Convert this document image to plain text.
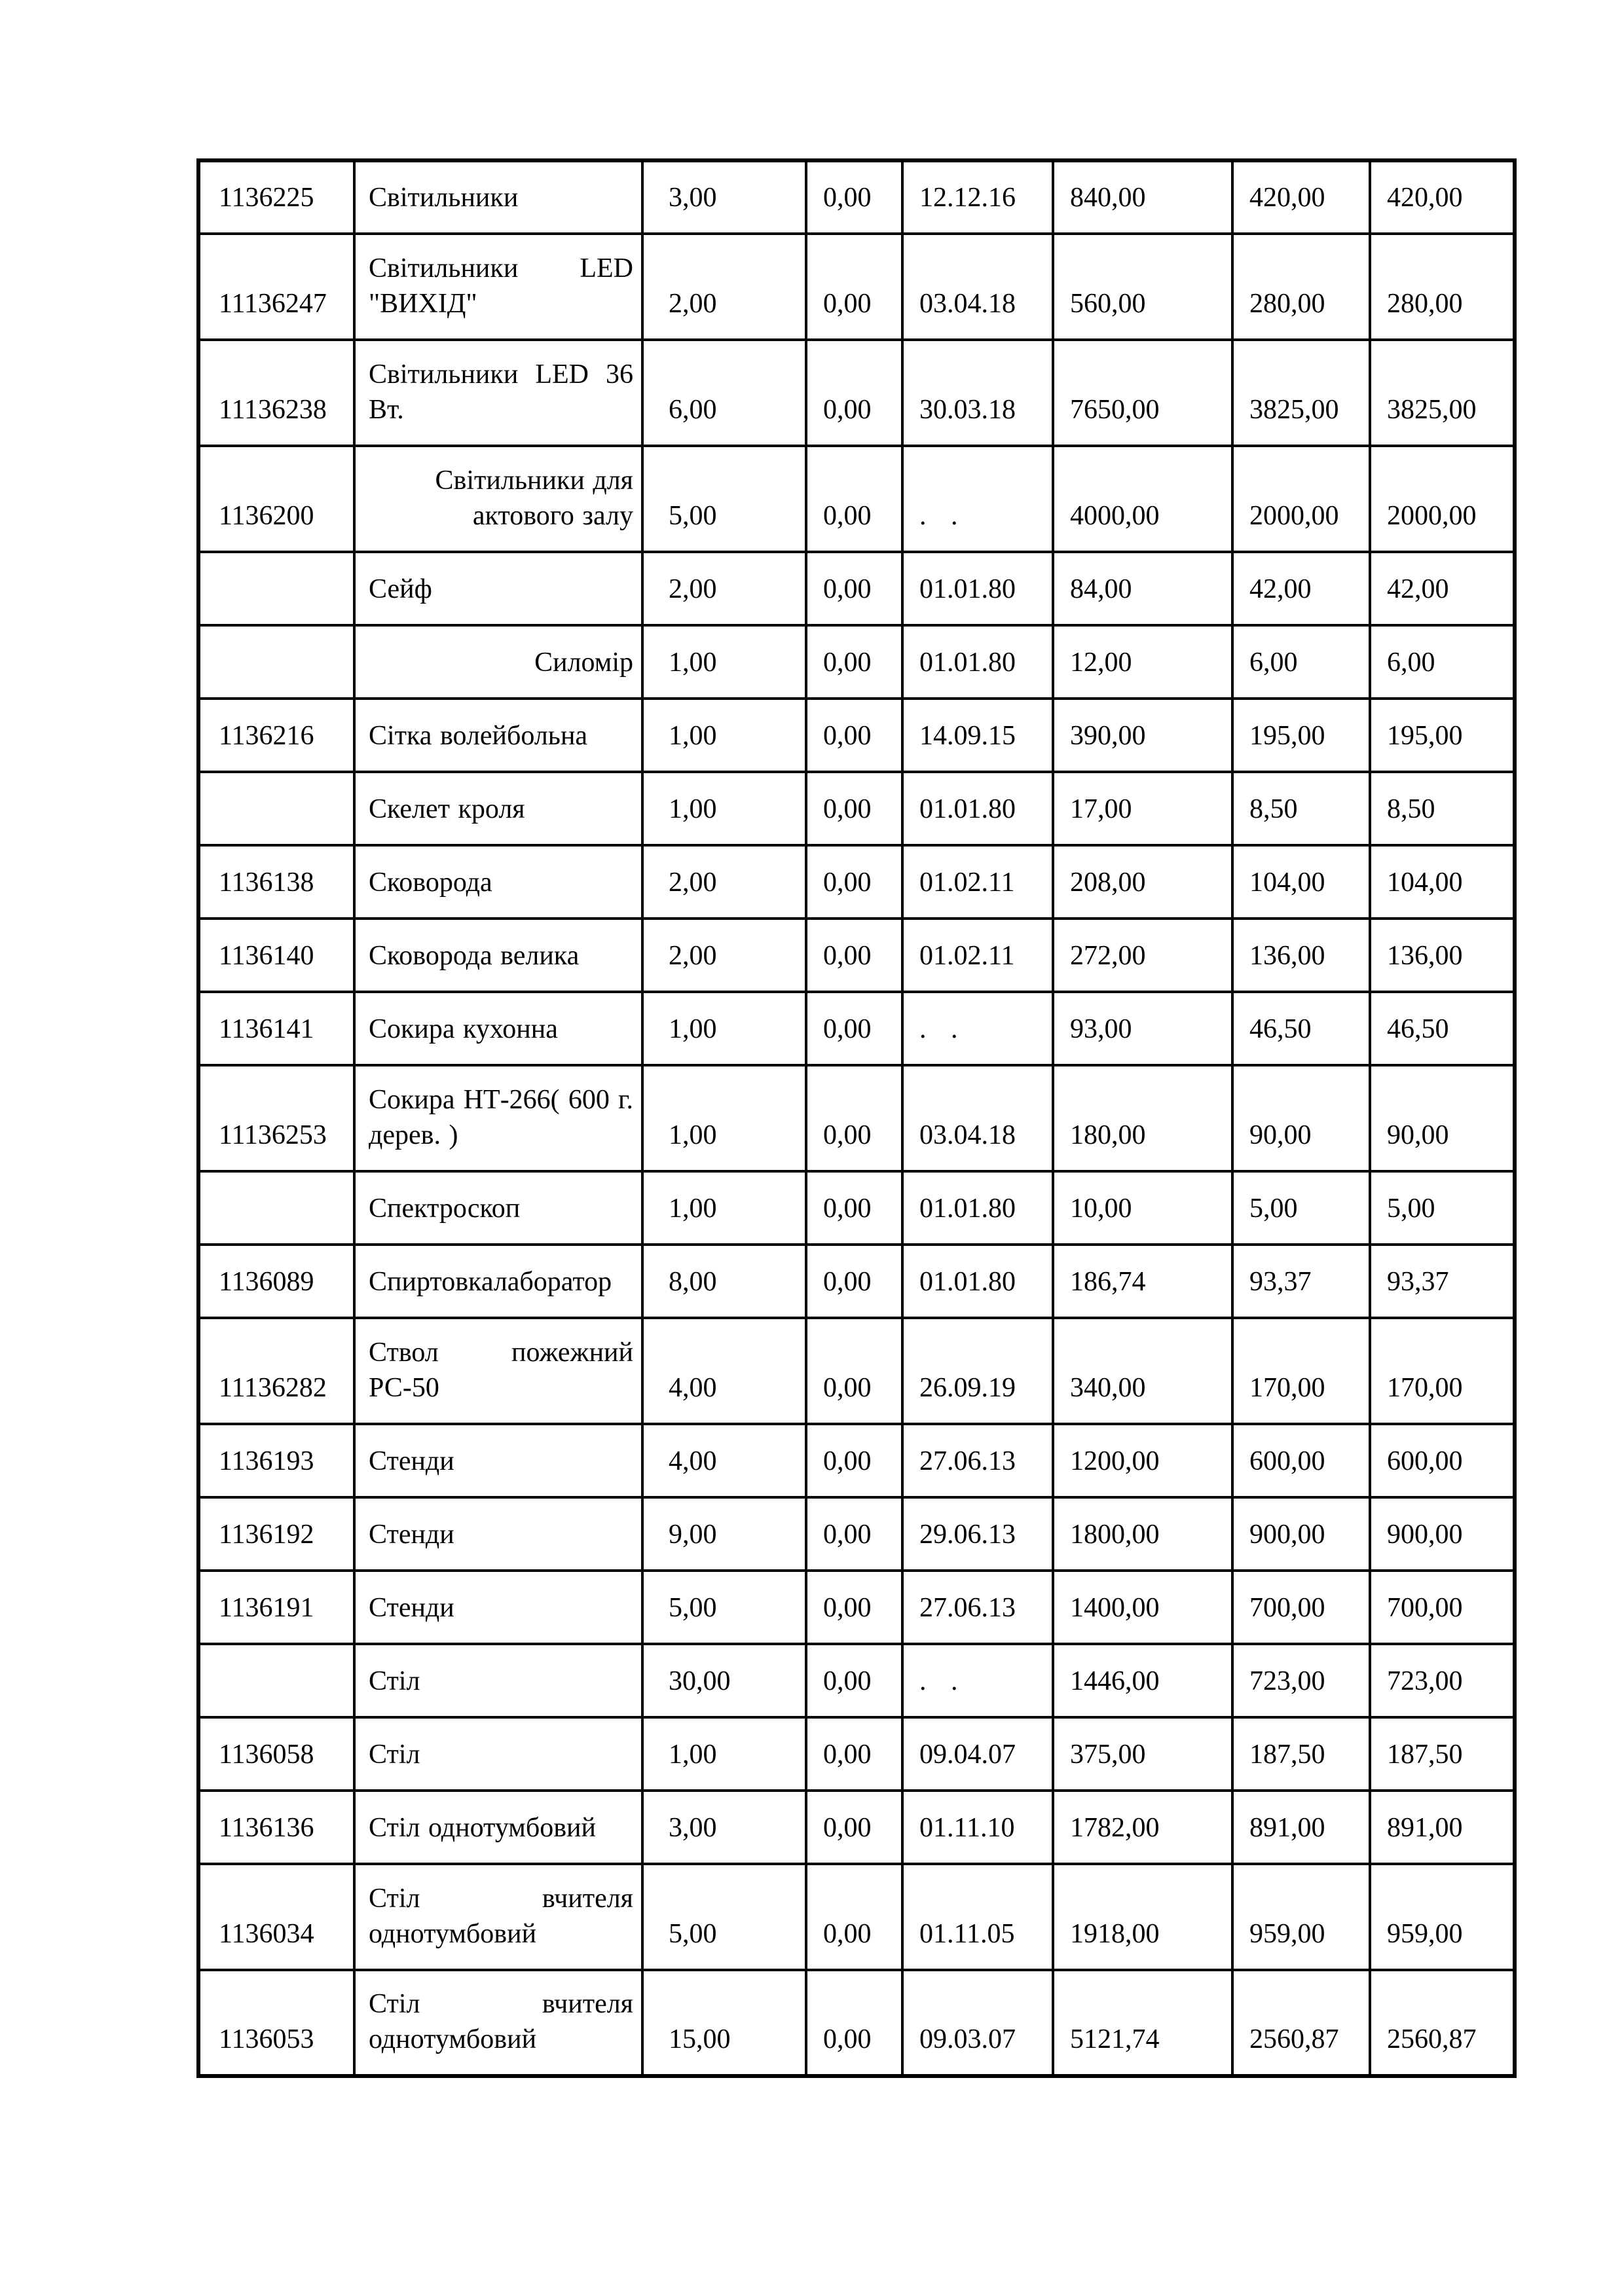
1136225	Світильники	3,00	0,00	12.12.16	840,00	420,00	420,00
11136247	Світильники LED "ВИХІД"	2,00	0,00	03.04.18	560,00	280,00	280,00
11136238	Світильники LED 36 Вт.	6,00	0,00	30.03.18	7650,00	3825,00	3825,00
1136200	Світильники для актового залу	5,00	0,00	.   .	4000,00	2000,00	2000,00
	Сейф	2,00	0,00	01.01.80	84,00	42,00	42,00
	Силомір	1,00	0,00	01.01.80	12,00	6,00	6,00
1136216	Сітка волейбольна	1,00	0,00	14.09.15	390,00	195,00	195,00
	Скелет кроля	1,00	0,00	01.01.80	17,00	8,50	8,50
1136138	Сковорода	2,00	0,00	01.02.11	208,00	104,00	104,00
1136140	Сковорода велика	2,00	0,00	01.02.11	272,00	136,00	136,00
1136141	Сокира кухонна	1,00	0,00	.   .	93,00	46,50	46,50
11136253	Сокира НТ-266( 600 г. дерев. )	1,00	0,00	03.04.18	180,00	90,00	90,00
	Спектроскоп	1,00	0,00	01.01.80	10,00	5,00	5,00
1136089	Спиртовкалаборатор	8,00	0,00	01.01.80	186,74	93,37	93,37
11136282	Ствол пожежний РС-50	4,00	0,00	26.09.19	340,00	170,00	170,00
1136193	Стенди	4,00	0,00	27.06.13	1200,00	600,00	600,00
1136192	Стенди	9,00	0,00	29.06.13	1800,00	900,00	900,00
1136191	Стенди	5,00	0,00	27.06.13	1400,00	700,00	700,00
	Стіл	30,00	0,00	.   .	1446,00	723,00	723,00
1136058	Стіл	1,00	0,00	09.04.07	375,00	187,50	187,50
1136136	Стіл однотумбовий	3,00	0,00	01.11.10	1782,00	891,00	891,00
1136034	Стіл вчителя однотумбовий	5,00	0,00	01.11.05	1918,00	959,00	959,00
1136053	Стіл вчителя однотумбовий	15,00	0,00	09.03.07	5121,74	2560,87	2560,87
